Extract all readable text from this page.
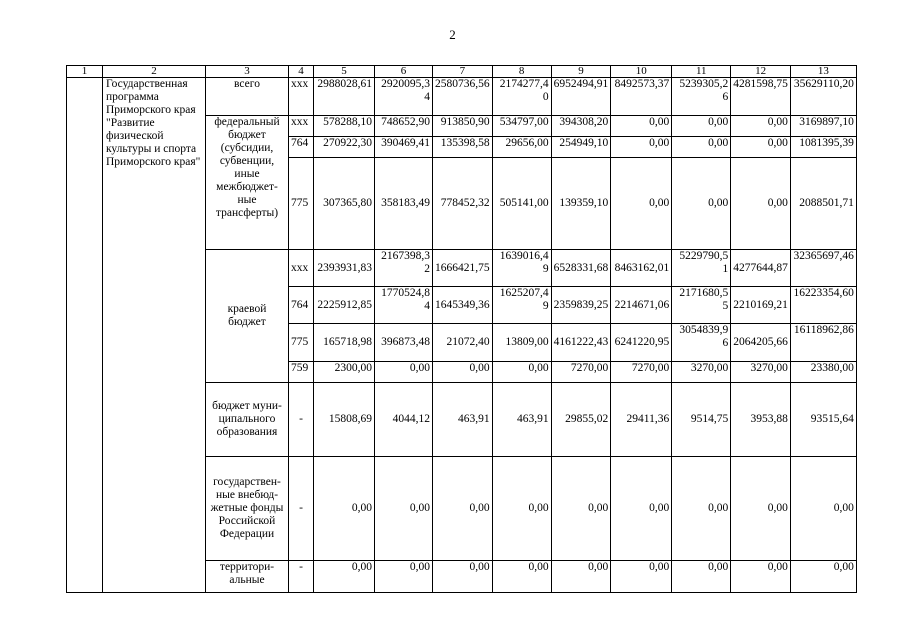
2
1	2	3	4	5	6	7	8	9	10	11	12	13
	Государственная программа Приморского края "Развитие физической культуры и спорта Приморского края"	всего	ххх	2988028,61	2920095,34	2580736,56	2174277,40	6952494,91	8492573,37	5239305,26	4281598,75	35629110,20
		федеральный бюджет (субсидии, субвенции, иные межбюджет-ные трансферты)	ххх	578288,10	748652,90	913850,90	534797,00	394308,20	0,00	0,00	0,00	3169897,10
			764	270922,30	390469,41	135398,58	29656,00	254949,10	0,00	0,00	0,00	1081395,39
			775	307365,80	358183,49	778452,32	505141,00	139359,10	0,00	0,00	0,00	2088501,71
		краевой бюджет	ххх	2393931,83	2167398,32	1666421,75	1639016,49	6528331,68	8463162,01	5229790,51	4277644,87	32365697,46
			764	2225912,85	1770524,84	1645349,36	1625207,49	2359839,25	2214671,06	2171680,55	2210169,21	16223354,60
			775	165718,98	396873,48	21072,40	13809,00	4161222,43	6241220,95	3054839,96	2064205,66	16118962,86
			759	2300,00	0,00	0,00	0,00	7270,00	7270,00	3270,00	3270,00	23380,00
		бюджет муни-ципального образования	-	15808,69	4044,12	463,91	463,91	29855,02	29411,36	9514,75	3953,88	93515,64
		государствен-ные внебюд-жетные фонды Российской Федерации	-	0,00	0,00	0,00	0,00	0,00	0,00	0,00	0,00	0,00
		территори-альные	-	0,00	0,00	0,00	0,00	0,00	0,00	0,00	0,00	0,00
